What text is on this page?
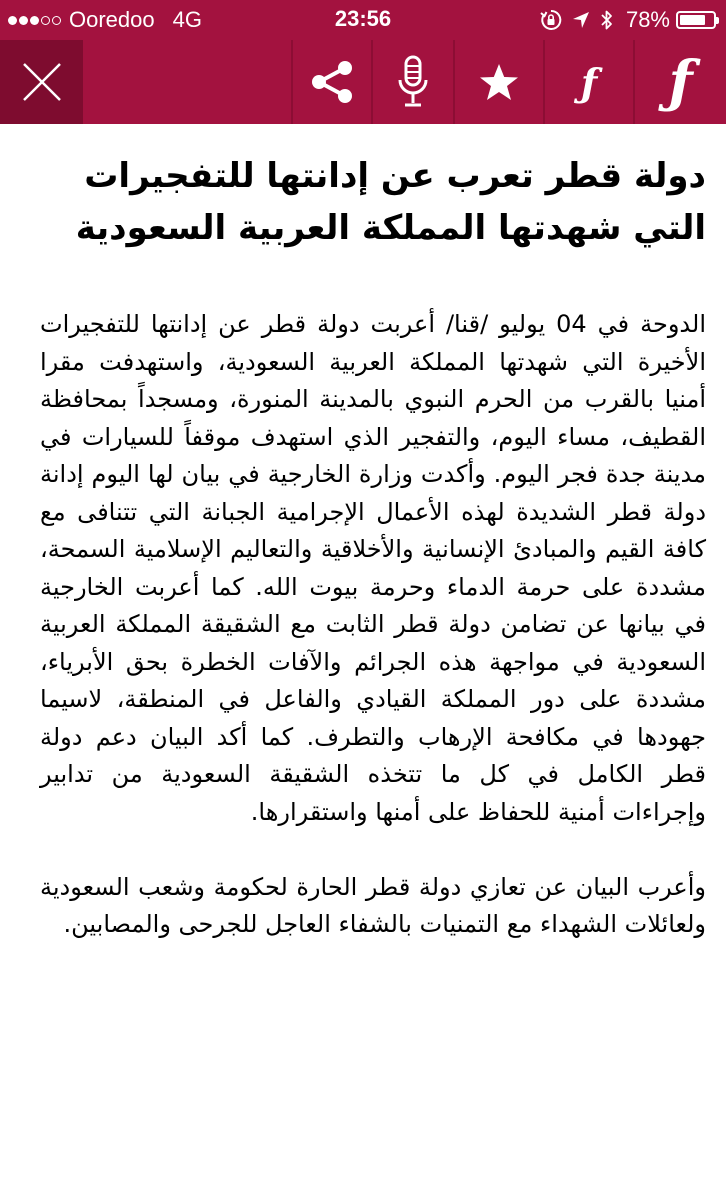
Ooredoo 4G	23:56	78%
ƒ ƒ
دولة قطر تعرب عن إدانتها للتفجيرات التي شهدتها المملكة العربية السعودية

الدوحة في 04 يوليو /قنا/ أعربت دولة قطر عن إدانتها للتفجيرات الأخيرة التي شهدتها المملكة العربية السعودية، واستهدفت مقرا أمنيا بالقرب من الحرم النبوي بالمدينة المنورة، ومسجداً بمحافظة القطيف، مساء اليوم، والتفجير الذي استهدف موقفاً للسيارات في مدينة جدة فجر اليوم. وأكدت وزارة الخارجية في بيان لها اليوم إدانة دولة قطر الشديدة لهذه الأعمال الإجرامية الجبانة التي تتنافى مع كافة القيم والمبادئ الإنسانية والأخلاقية والتعاليم الإسلامية السمحة، مشددة على حرمة الدماء وحرمة بيوت الله. كما أعربت الخارجية في بيانها عن تضامن دولة قطر الثابت مع الشقيقة المملكة العربية السعودية في مواجهة هذه الجرائم والآفات الخطرة بحق الأبرياء، مشددة على دور المملكة القيادي والفاعل في المنطقة، لاسيما جهودها في مكافحة الإرهاب والتطرف. كما أكد البيان دعم دولة قطر الكامل في كل ما تتخذه الشقيقة السعودية من تدابير وإجراءات أمنية للحفاظ على أمنها واستقرارها.

وأعرب البيان عن تعازي دولة قطر الحارة لحكومة وشعب السعودية ولعائلات الشهداء مع التمنيات بالشفاء العاجل للجرحى والمصابين.
